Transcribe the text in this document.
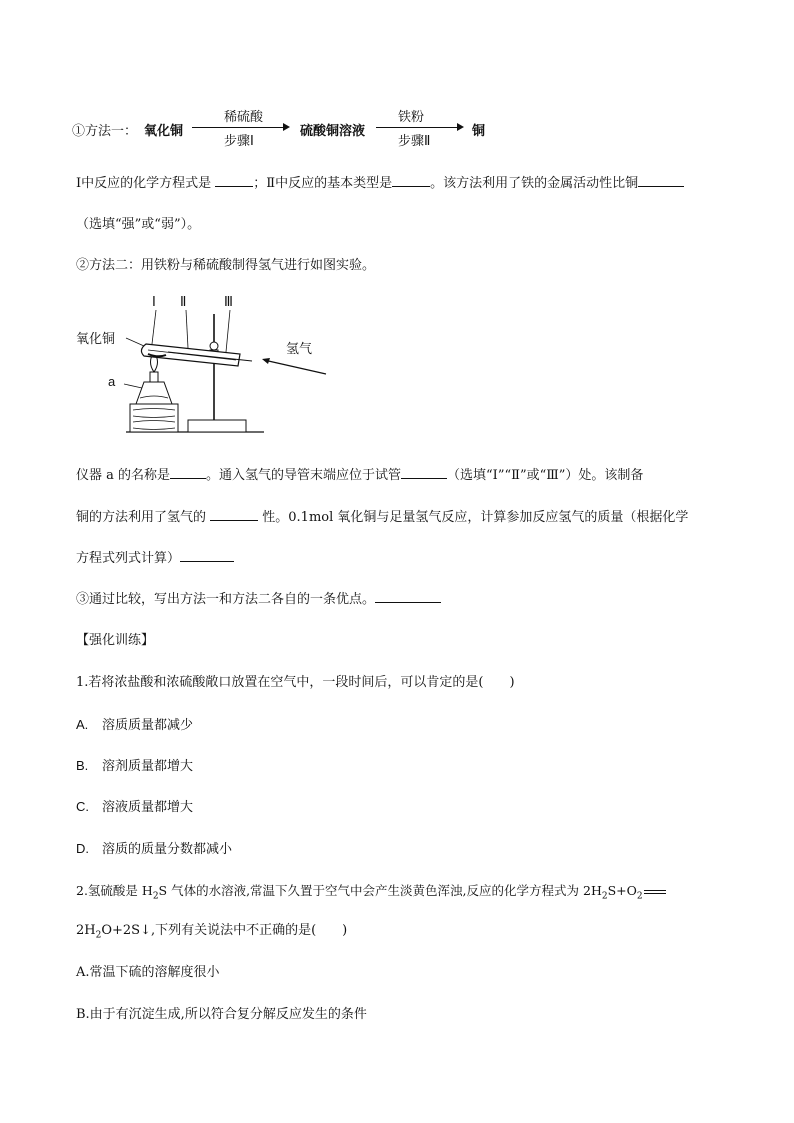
①方法一： 氧化铜
稀硫酸
步骤Ⅰ
硫酸铜溶液
铁粉
步骤Ⅱ
铜
Ⅰ中反应的化学方程式是	；Ⅱ中反应的基本类型是	。该方法利用了铁的金属活动性比铜
（选填“强”或“弱”）。
②方法二：用铁粉与稀硫酸制得氢气进行如图实验。
Ⅰ Ⅱ	Ⅲ
氧化铜
氢气
a
仪器 a 的名称是	。通入氢气的导管末端应位于试管	（选填“Ⅰ”“Ⅱ”或“Ⅲ”）处。该制备
铜的方法利用了氢气的	性。0.1mol 氧化铜与足量氢气反应，计算参加反应氢气的质量（根据化学
方程式列式计算）
③通过比较，写出方法一和方法二各自的一条优点。
【强化训练】
1.若将浓盐酸和浓硫酸敞口放置在空气中，一段时间后，可以肯定的是(　　)
A. 溶质质量都减少
B. 溶剂质量都增大
C. 溶液质量都增大
D. 溶质的质量分数都减小
2.氢硫酸是 $H_2S$ 气体的水溶液,常温下久置于空气中会产生淡黄色浑浊,反应的化学方程式为 $2H_2S+O_2$
$2H_2O+2S↓$,下列有关说法中不正确的是(　　)
A.常温下硫的溶解度很小
B.由于有沉淀生成,所以符合复分解反应发生的条件
